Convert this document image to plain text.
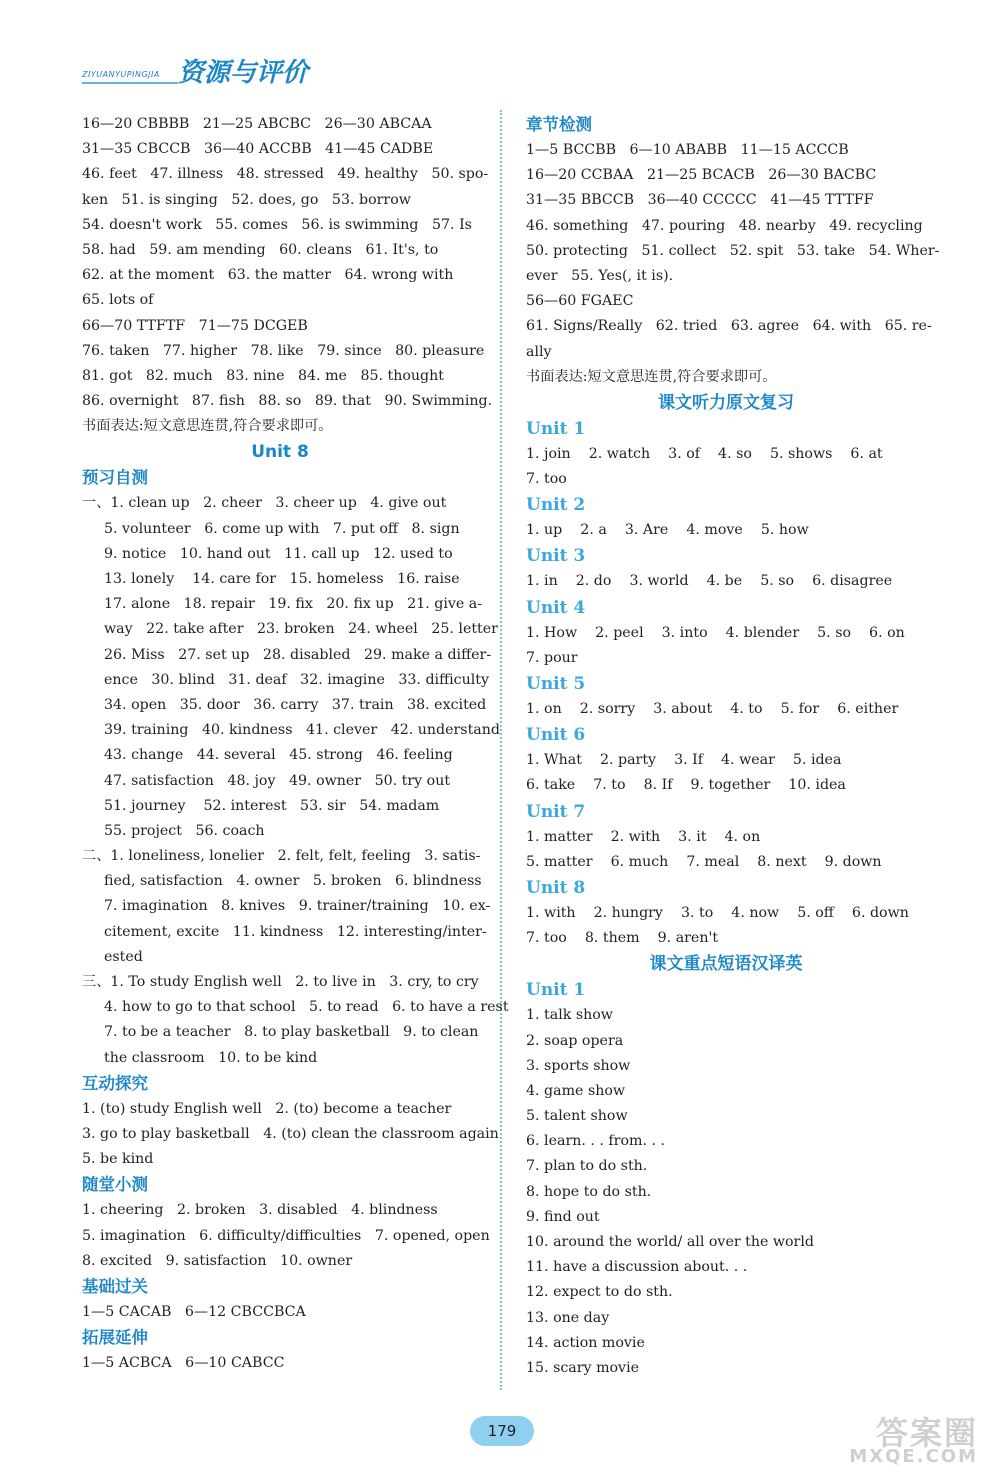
ZIYUANYUPINGJIA 资源与评价
16—20 CBBBB   21—25 ABCBC   26—30 ABCAA
31—35 CBCCB   36—40 ACCBB   41—45 CADBE
46. feet   47. illness   48. stressed   49. healthy   50. spo-
ken   51. is singing   52. does, go   53. borrow
54. doesn't work   55. comes   56. is swimming   57. Is
58. had   59. am mending   60. cleans   61. It's, to
62. at the moment   63. the matter   64. wrong with
65. lots of
66—70 TTFTF   71—75 DCGEB
76. taken   77. higher   78. like   79. since   80. pleasure
81. got   82. much   83. nine   84. me   85. thought
86. overnight   87. fish   88. so   89. that   90. Swimming.
书面表达:短文意思连贯,符合要求即可。
Unit 8
预习自测
一、1. clean up   2. cheer   3. cheer up   4. give out
5. volunteer   6. come up with   7. put off   8. sign
9. notice   10. hand out   11. call up   12. used to
13. lonely    14. care for   15. homeless   16. raise
17. alone   18. repair   19. fix   20. fix up   21. give a-
way   22. take after   23. broken   24. wheel   25. letter
26. Miss   27. set up   28. disabled   29. make a differ-
ence   30. blind   31. deaf   32. imagine   33. difficulty
34. open   35. door   36. carry   37. train   38. excited
39. training   40. kindness   41. clever   42. understand
43. change   44. several   45. strong   46. feeling
47. satisfaction   48. joy   49. owner   50. try out
51. journey    52. interest   53. sir   54. madam
55. project   56. coach
二、1. loneliness, lonelier   2. felt, felt, feeling   3. satis-
fied, satisfaction   4. owner   5. broken   6. blindness
7. imagination   8. knives   9. trainer/training   10. ex-
citement, excite   11. kindness   12. interesting/inter-
ested
三、1. To study English well   2. to live in   3. cry, to cry
4. how to go to that school   5. to read   6. to have a rest
7. to be a teacher   8. to play basketball   9. to clean
the classroom   10. to be kind
互动探究
1. (to) study English well   2. (to) become a teacher
3. go to play basketball   4. (to) clean the classroom again
5. be kind
随堂小测
1. cheering   2. broken   3. disabled   4. blindness
5. imagination   6. difficulty/difficulties   7. opened, open
8. excited   9. satisfaction   10. owner
基础过关
1—5 CACAB   6—12 CBCCBCA
拓展延伸
1—5 ACBCA   6—10 CABCC
章节检测
1—5 BCCBB   6—10 ABABB   11—15 ACCCB
16—20 CCBAA   21—25 BCACB   26—30 BACBC
31—35 BBCCB   36—40 CCCCC   41—45 TTTFF
46. something   47. pouring   48. nearby   49. recycling
50. protecting   51. collect   52. spit   53. take   54. Wher-
ever   55. Yes(, it is).
56—60 FGAEC
61. Signs/Really   62. tried   63. agree   64. with   65. re-
ally
书面表达:短文意思连贯,符合要求即可。
课文听力原文复习
Unit 1
1. join    2. watch    3. of    4. so    5. shows    6. at
7. too
Unit 2
1. up    2. a    3. Are    4. move    5. how
Unit 3
1. in    2. do    3. world    4. be    5. so    6. disagree
Unit 4
1. How    2. peel    3. into    4. blender    5. so    6. on
7. pour
Unit 5
1. on    2. sorry    3. about    4. to    5. for    6. either
Unit 6
1. What    2. party    3. If    4. wear    5. idea
6. take    7. to    8. If    9. together    10. idea
Unit 7
1. matter    2. with    3. it    4. on
5. matter    6. much    7. meal    8. next    9. down
Unit 8
1. with    2. hungry    3. to    4. now    5. off    6. down
7. too    8. them    9. aren't
课文重点短语汉译英
Unit 1
1. talk show
2. soap opera
3. sports show
4. game show
5. talent show
6. learn. . . from. . .
7. plan to do sth.
8. hope to do sth.
9. find out
10. around the world/ all over the world
11. have a discussion about. . .
12. expect to do sth.
13. one day
14. action movie
15. scary movie
179	答案圈
MXQE.COM
